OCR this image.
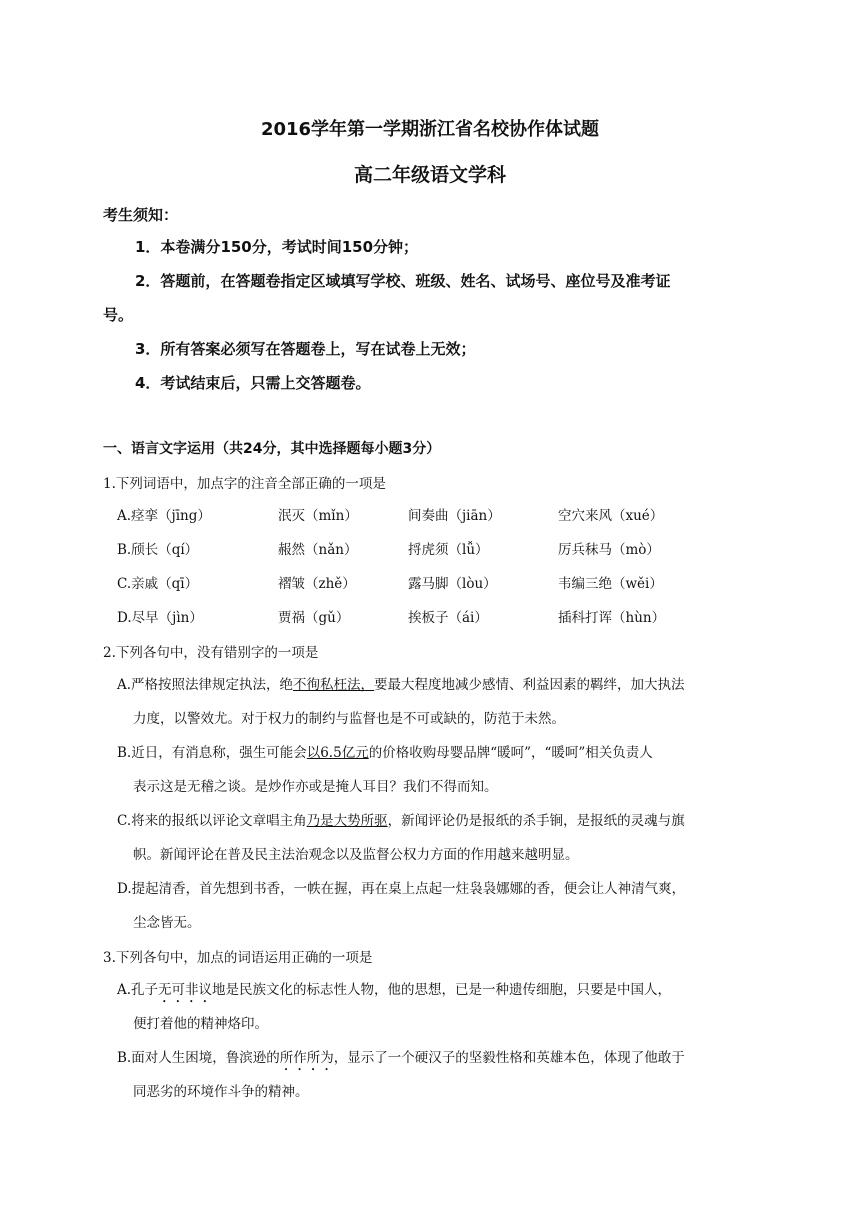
2016学年第一学期浙江省名校协作体试题
高二年级语文学科
考生须知：
1．本卷满分150分，考试时间150分钟；
2．答题前，在答题卷指定区域填写学校、班级、姓名、试场号、座位号及准考证
号。
3．所有答案必须写在答题卷上，写在试卷上无效；
4．考试结束后，只需上交答题卷。
一、语言文字运用（共24分，其中选择题每小题3分）
1.下列词语中，加点字的注音全部正确的一项是
A.痉挛（jīng）	泯灭（mǐn）	间奏曲（jiān）	空穴来风（xué）
B.颀长（qí）	赧然（nǎn）	捋虎须（lǚ）	厉兵秣马（mò）
C.亲戚（qī）	褶皱（zhě）	露马脚（lòu）	韦编三绝（wěi）
D.尽早（jìn）	贾祸（gǔ）	挨板子（ái）	插科打诨（hùn）
2.下列各句中，没有错别字的一项是
A.严格按照法律规定执法，绝不徇私枉法，要最大程度地减少感情、利益因素的羁绊，加大执法
力度，以警效尤。对于权力的制约与监督也是不可或缺的，防范于未然。
B.近日，有消息称，强生可能会以6.5亿元的价格收购母婴品牌“暖呵”，“暖呵”相关负责人
表示这是无稽之谈。是炒作亦或是掩人耳目？我们不得而知。
C.将来的报纸以评论文章唱主角乃是大势所驱，新闻评论仍是报纸的杀手锏，是报纸的灵魂与旗
帜。新闻评论在普及民主法治观念以及监督公权力方面的作用越来越明显。
D.提起清香，首先想到书香，一帙在握，再在桌上点起一炷袅袅娜娜的香，便会让人神清气爽，
尘念皆无。
3.下列各句中，加点的词语运用正确的一项是
A.孔子无可非议地是民族文化的标志性人物，他的思想，已是一种遗传细胞，只要是中国人，
便打着他的精神烙印。
B.面对人生困境，鲁滨逊的所作所为，显示了一个硬汉子的坚毅性格和英雄本色，体现了他敢于
同恶劣的环境作斗争的精神。
